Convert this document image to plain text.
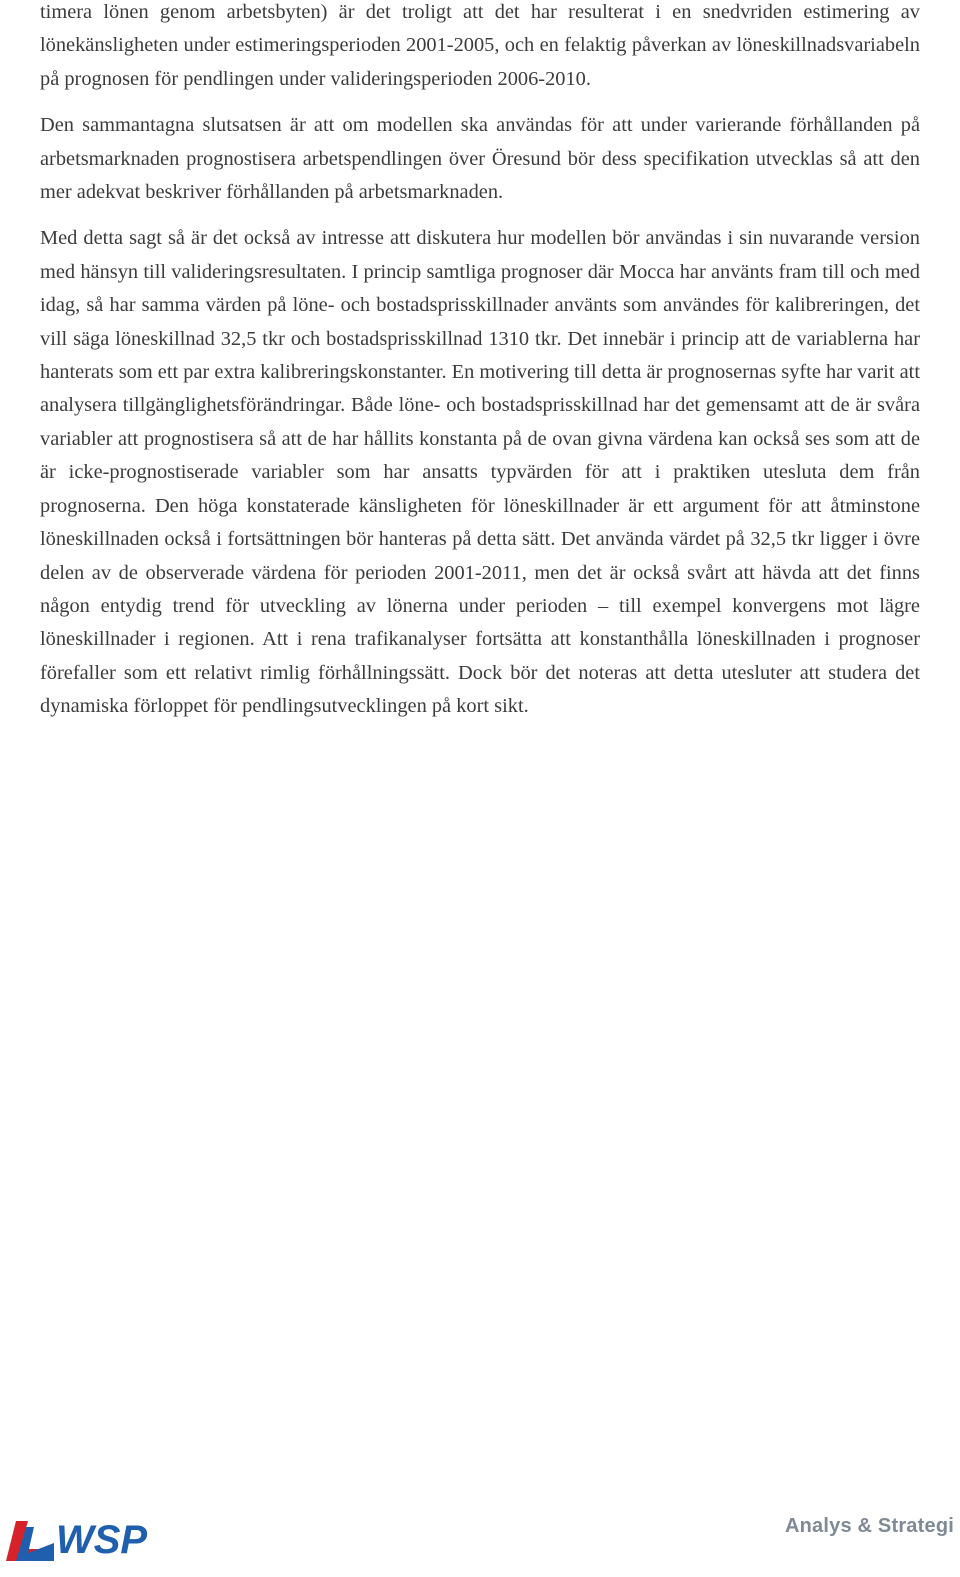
timera lönen genom arbetsbyten) är det troligt att det har resulterat i en snedvriden estimering av lönekänsligheten under estimeringsperioden 2001-2005, och en felaktig påverkan av löneskillnadsvariabeln på prognosen för pendlingen under valideringsperioden 2006-2010.

Den sammantagna slutsatsen är att om modellen ska användas för att under varierande förhållanden på arbetsmarknaden prognostisera arbetspendlingen över Öresund bör dess specifikation utvecklas så att den mer adekvat beskriver förhållanden på arbetsmarknaden.

Med detta sagt så är det också av intresse att diskutera hur modellen bör användas i sin nuvarande version med hänsyn till valideringsresultaten. I princip samtliga prognoser där Mocca har använts fram till och med idag, så har samma värden på löne- och bostadsprisskillnader använts som användes för kalibreringen, det vill säga löneskillnad 32,5 tkr och bostadsprisskillnad 1310 tkr. Det innebär i princip att de variablerna har hanterats som ett par extra kalibreringskonstanter. En motivering till detta är prognosernas syfte har varit att analysera tillgänglighetsförändringar. Både löne- och bostadsprisskillnad har det gemensamt att de är svåra variabler att prognostisera så att de har hållits konstanta på de ovan givna värdena kan också ses som att de är icke-prognostiserade variabler som har ansatts typvärden för att i praktiken utesluta dem från prognoserna. Den höga konstaterade känsligheten för löneskillnader är ett argument för att åtminstone löneskillnaden också i fortsättningen bör hanteras på detta sätt. Det använda värdet på 32,5 tkr ligger i övre delen av de observerade värdena för perioden 2001-2011, men det är också svårt att hävda att det finns någon entydig trend för utveckling av lönerna under perioden – till exempel konvergens mot lägre löneskillnader i regionen. Att i rena trafikanalyser fortsätta att konstanthålla löneskillnaden i prognoser förefaller som ett relativt rimlig förhållningssätt. Dock bör det noteras att detta utesluter att studera det dynamiska förloppet för pendlingsutvecklingen på kort sikt.

WSP	Analys & Strategi
